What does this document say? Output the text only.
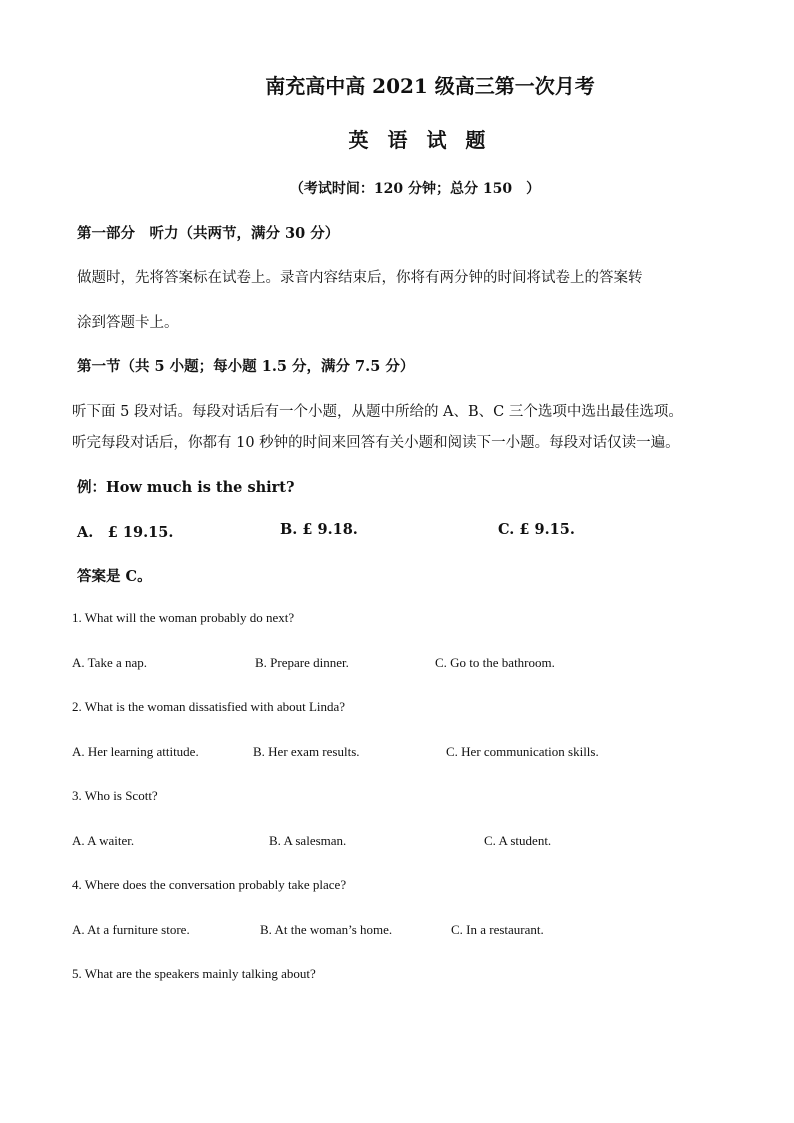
南充高中高 2021 级高三第一次月考
英 语 试 题
（考试时间：120 分钟；总分 150　）
第一部分　听力（共两节，满分 30 分）
做题时，先将答案标在试卷上。录音内容结束后，你将有两分钟的时间将试卷上的答案转
涂到答题卡上。
第一节（共 5 小题；每小题 1.5 分，满分 7.5 分）
听下面 5 段对话。每段对话后有一个小题，从题中所给的 A、B、C 三个选项中选出最佳选项。
听完每段对话后，你都有 10 秒钟的时间来回答有关小题和阅读下一小题。每段对话仅读一遍。
例：How much is the shirt?
A.　£ 19.15.	B. £ 9.18.	C. £ 9.15.
答案是 C。
1. What will the woman probably do next?
A. Take a nap.	B. Prepare dinner.	C. Go to the bathroom.
2. What is the woman dissatisfied with about Linda?
A. Her learning attitude.	B. Her exam results.	C. Her communication skills.
3. Who is Scott?
A. A waiter.	B. A salesman.	C. A student.
4. Where does the conversation probably take place?
A. At a furniture store.	B. At the woman’s home.	C. In a restaurant.
5. What are the speakers mainly talking about?
